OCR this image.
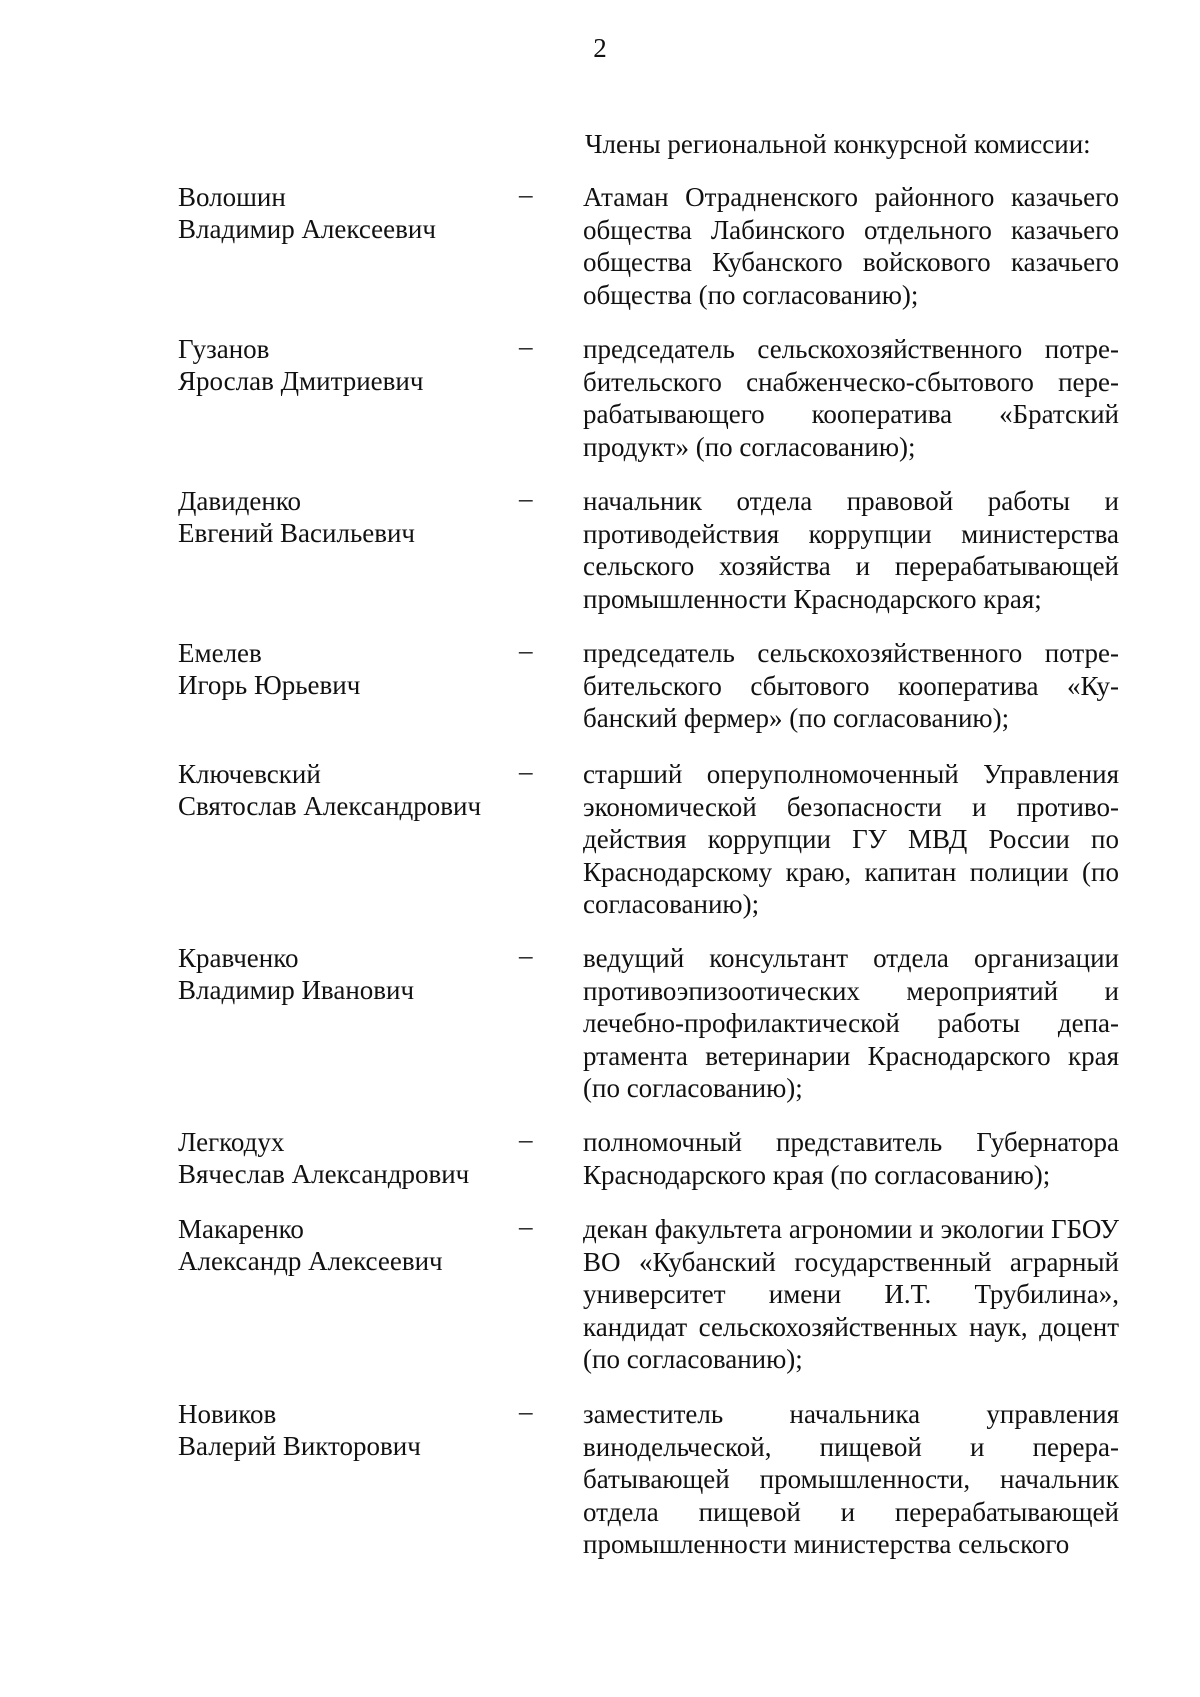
2
Члены региональной конкурсной комиссии:
Волошин
Владимир Алексеевич
– Атаман Отрадненского районного казачьего общества Лабинского отдельного казачьего общества Кубанского войскового казачьего общества (по согласованию);
Гузанов
Ярослав Дмитриевич
– председатель сельскохозяйственного потребительского снабженческо-сбытового перерабатывающего кооператива «Братский продукт» (по согласованию);
Давиденко
Евгений Васильевич
– начальник отдела правовой работы и противодействия коррупции министерства сельского хозяйства и перерабатывающей промышленности Краснодарского края;
Емелев
Игорь Юрьевич
– председатель сельскохозяйственного потребительского сбытового кооператива «Кубанский фермер» (по согласованию);
Ключевский
Святослав Александрович
– старший оперуполномоченный Управления экономической безопасности и противодействия коррупции ГУ МВД России по Краснодарскому краю, капитан полиции (по согласованию);
Кравченко
Владимир Иванович
– ведущий консультант отдела организации противоэпизоотических мероприятий и лечебно-профилактической работы департамента ветеринарии Краснодарского края (по согласованию);
Легкодух
Вячеслав Александрович
– полномочный представитель Губернатора Краснодарского края (по согласованию);
Макаренко
Александр Алексеевич
– декан факультета агрономии и экологии ГБОУ ВО «Кубанский государственный аграрный университет имени И.Т. Трубилина», кандидат сельскохозяйственных наук, доцент (по согласованию);
Новиков
Валерий Викторович
– заместитель начальника управления винодельческой, пищевой и перерабатывающей промышленности, начальник отдела пищевой и перерабатывающей промышленности министерства сельского
